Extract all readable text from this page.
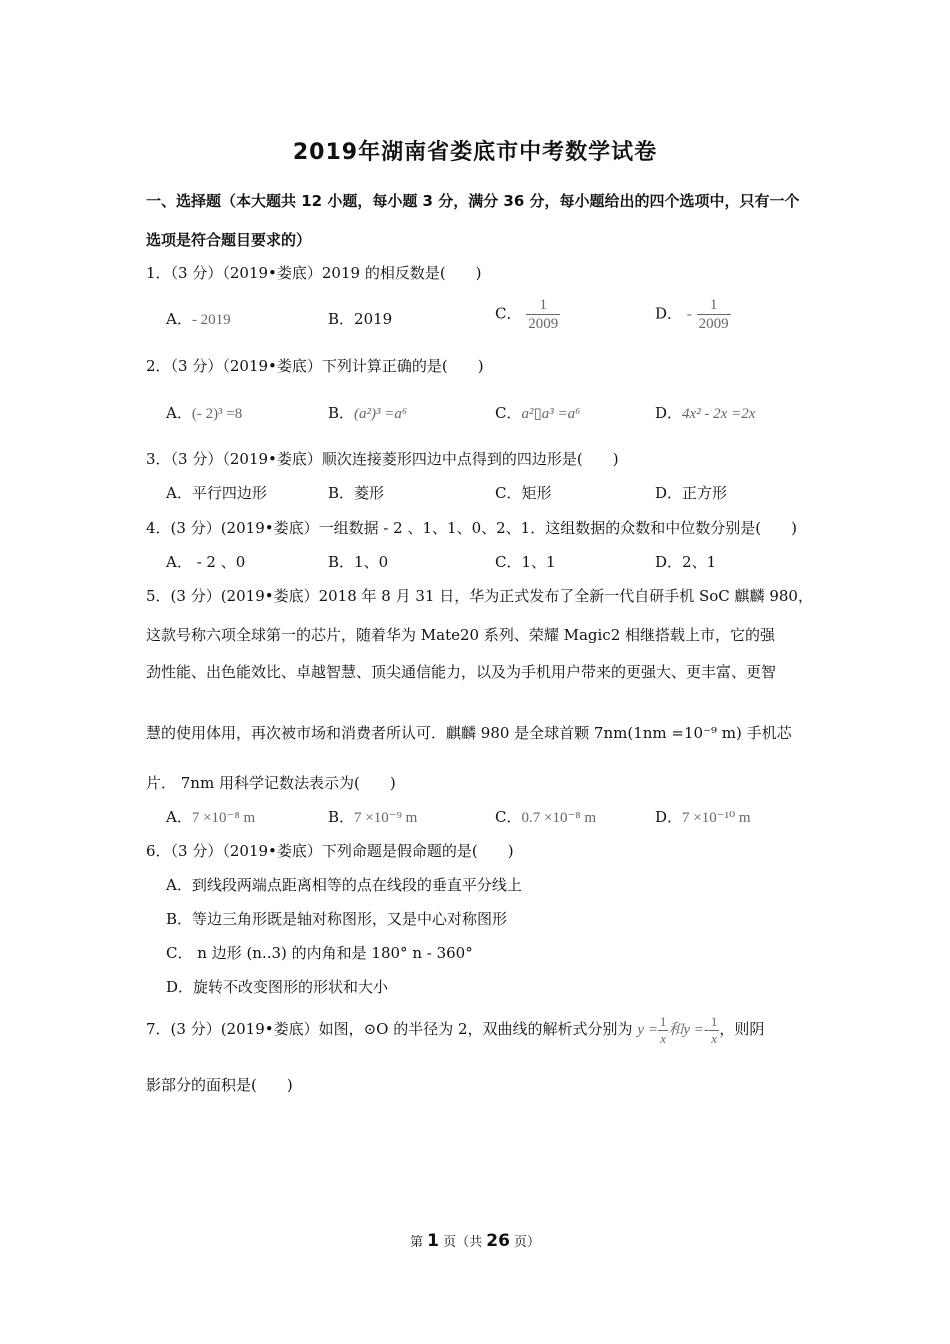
2019年湖南省娄底市中考数学试卷
一、选择题（本大题共 12 小题，每小题 3 分，满分 36 分，每小题给出的四个选项中，只有一个
选项是符合题目要求的）
1．（3 分）（2019•娄底）2019 的相反数是(　　)
A．- 2019	B．2019	C． $\frac{1}{2009}$	D． - $\frac{1}{2009}$
2．（3 分）（2019•娄底）下列计算正确的是(　　)
A．(- 2)³ =8	B．(a²)³ =a⁶	C．a²▯a³ =a⁶	D．4x² - 2x =2x
3．（3 分）（2019•娄底）顺次连接菱形四边中点得到的四边形是(　　)
A．平行四边形	B．菱形	C．矩形	D．正方形
4．(3 分）(2019•娄底）一组数据 - 2 、1、1、0、2、1．这组数据的众数和中位数分别是(　　)
A． - 2 、0	B．1、0	C．1、1	D．2、1
5．(3 分）(2019•娄底）2018 年 8 月 31 日，华为正式发布了全新一代自研手机 SoC 麒麟 980，
这款号称六项全球第一的芯片，随着华为 Mate20 系列、荣耀 Magic2 相继搭载上市，它的强
劲性能、出色能效比、卓越智慧、顶尖通信能力，以及为手机用户带来的更强大、更丰富、更智
慧的使用体用，再次被市场和消费者所认可．麒麟 980 是全球首颗 7nm(1nm =10⁻⁹ m) 手机芯
片． 7nm 用科学记数法表示为(　　)
A．7 ×10⁻⁸ m	B．7 ×10⁻⁹ m	C．0.7 ×10⁻⁸ m	D．7 ×10⁻¹⁰ m
6．（3 分）（2019•娄底）下列命题是假命题的是(　　)
A．到线段两端点距离相等的点在线段的垂直平分线上
B．等边三角形既是轴对称图形，又是中心对称图形
C． n 边形 (n..3) 的内角和是 180° n - 360°
D．旋转不改变图形的形状和大小
7．(3 分）(2019•娄底）如图，⊙O 的半径为 2，双曲线的解析式分别为 $y = \frac{1}{x}$ 和$y =- \frac{1}{x}$ ，则阴
影部分的面积是(　　)
第 1 页（共 26 页）
